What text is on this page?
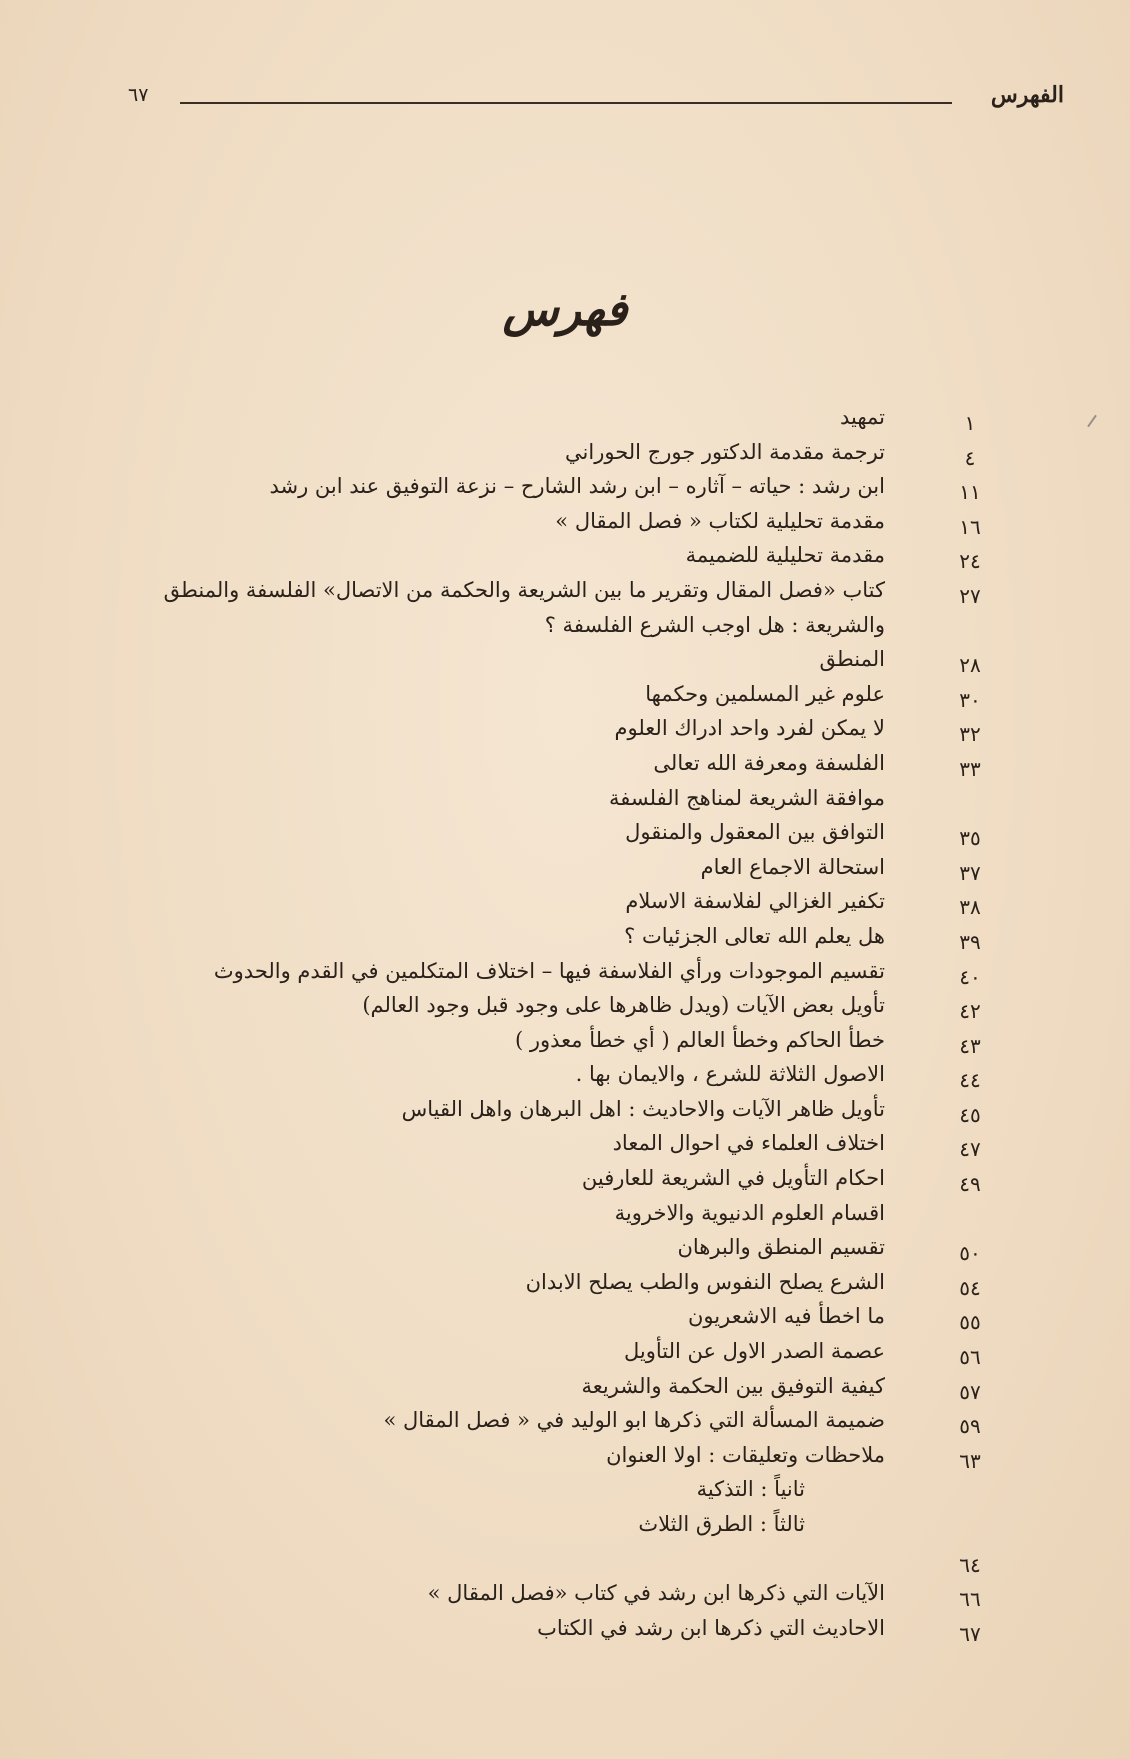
الفهرس
٦٧
فهرس
١
تمهيد
٤
ترجمة مقدمة الدكتور جورج الحوراني
١١
ابن رشد : حياته – آثاره – ابن رشد الشارح – نزعة التوفيق عند ابن رشد
١٦
مقدمة تحليلية لكتاب « فصل المقال »
٢٤
مقدمة تحليلية للضميمة
٢٧
كتاب «فصل المقال وتقرير ما بين الشريعة والحكمة من الاتصال» الفلسفة والمنطق
والشريعة : هل اوجب الشرع الفلسفة ؟
٢٨
المنطق
٣٠
علوم غير المسلمين وحكمها
٣٢
لا يمكن لفرد واحد ادراك العلوم
٣٣
الفلسفة ومعرفة الله تعالى
موافقة الشريعة لمناهج الفلسفة
٣٥
التوافق بين المعقول والمنقول
٣٧
استحالة الاجماع العام
٣٨
تكفير الغزالي لفلاسفة الاسلام
٣٩
هل يعلم الله تعالى الجزئيات ؟
٤٠
تقسيم الموجودات ورأي الفلاسفة فيها – اختلاف المتكلمين في القدم والحدوث
٤٢
تأويل بعض الآيات (ويدل ظاهرها على وجود قبل وجود العالم)
٤٣
خطأ الحاكم وخطأ العالم ( أي خطأ معذور )
٤٤
الاصول الثلاثة للشرع ، والايمان بها .
٤٥
تأويل ظاهر الآيات والاحاديث : اهل البرهان واهل القياس
٤٧
اختلاف العلماء في احوال المعاد
٤٩
احكام التأويل في الشريعة للعارفين
اقسام العلوم الدنيوية والاخروية
٥٠
تقسيم المنطق والبرهان
٥٤
الشرع يصلح النفوس والطب يصلح الابدان
٥٥
ما اخطأ فيه الاشعريون
٥٦
عصمة الصدر الاول عن التأويل
٥٧
كيفية التوفيق بين الحكمة والشريعة
٥٩
ضميمة المسألة التي ذكرها ابو الوليد في « فصل المقال »
٦٣
ملاحظات وتعليقات : اولا العنوان
ثانياً : التذكية
ثالثاً : الطرق الثلاث
٦٤
٦٦
الآيات التي ذكرها ابن رشد في كتاب «فصل المقال »
٦٧
الاحاديث التي ذكرها ابن رشد في الكتاب
